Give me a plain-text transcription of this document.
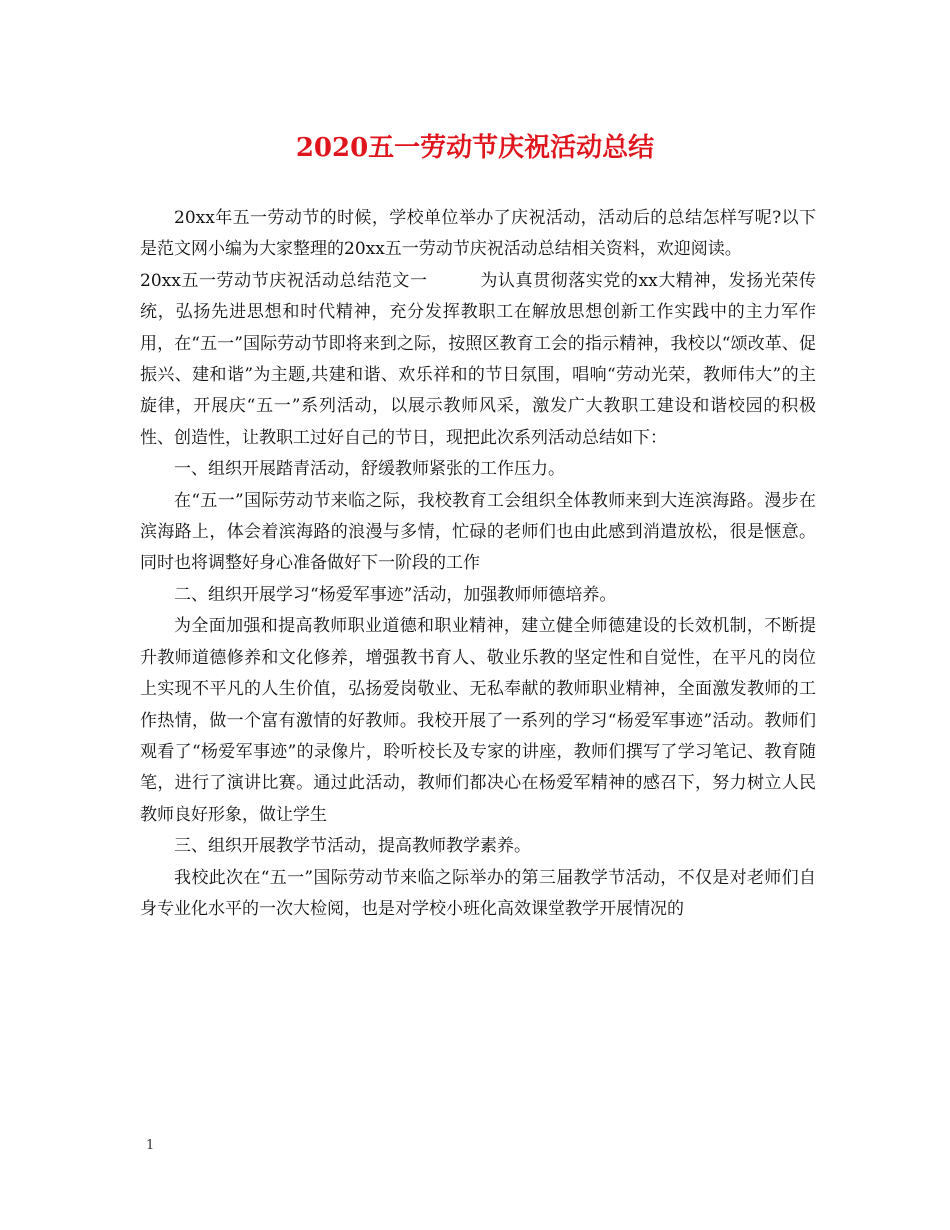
2020五一劳动节庆祝活动总结

20xx年五一劳动节的时候，学校单位举办了庆祝活动，活动后的总结怎样写呢?以下是范文网小编为大家整理的20xx五一劳动节庆祝活动总结相关资料，欢迎阅读。

20xx五一劳动节庆祝活动总结范文一　　　为认真贯彻落实党的xx大精神，发扬光荣传统，弘扬先进思想和时代精神，充分发挥教职工在解放思想创新工作实践中的主力军作用，在“五一”国际劳动节即将来到之际，按照区教育工会的指示精神，我校以“颂改革、促振兴、建和谐”为主题,共建和谐、欢乐祥和的节日氛围，唱响“劳动光荣，教师伟大”的主旋律，开展庆“五一”系列活动，以展示教师风采，激发广大教职工建设和谐校园的积极性、创造性，让教职工过好自己的节日，现把此次系列活动总结如下：

一、组织开展踏青活动，舒缓教师紧张的工作压力。

在“五一”国际劳动节来临之际，我校教育工会组织全体教师来到大连滨海路。漫步在滨海路上，体会着滨海路的浪漫与多情，忙碌的老师们也由此感到消遣放松，很是惬意。同时也将调整好身心准备做好下一阶段的工作

二、组织开展学习“杨爱军事迹”活动，加强教师师德培养。

为全面加强和提高教师职业道德和职业精神，建立健全师德建设的长效机制，不断提升教师道德修养和文化修养，增强教书育人、敬业乐教的坚定性和自觉性，在平凡的岗位上实现不平凡的人生价值，弘扬爱岗敬业、无私奉献的教师职业精神，全面激发教师的工作热情，做一个富有激情的好教师。我校开展了一系列的学习“杨爱军事迹”活动。教师们观看了“杨爱军事迹”的录像片，聆听校长及专家的讲座，教师们撰写了学习笔记、教育随笔，进行了演讲比赛。通过此活动，教师们都决心在杨爱军精神的感召下，努力树立人民教师良好形象，做让学生

三、组织开展教学节活动，提高教师教学素养。

我校此次在“五一”国际劳动节来临之际举办的第三届教学节活动，不仅是对老师们自身专业化水平的一次大检阅，也是对学校小班化高效课堂教学开展情况的

1
